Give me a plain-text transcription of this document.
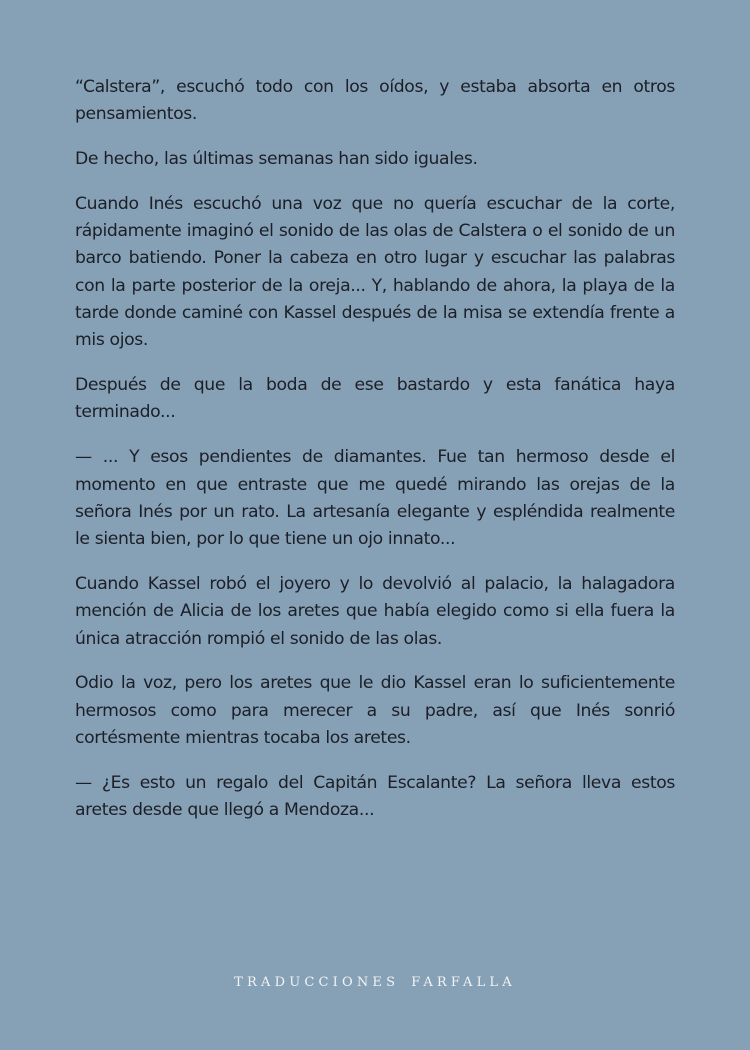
“Calstera”, escuchó todo con los oídos, y estaba absorta en otros pensamientos.

De hecho, las últimas semanas han sido iguales.

Cuando Inés escuchó una voz que no quería escuchar de la corte, rápidamente imaginó el sonido de las olas de Calstera o el sonido de un barco batiendo. Poner la cabeza en otro lugar y escuchar las palabras con la parte posterior de la oreja... Y, hablando de ahora, la playa de la tarde donde caminé con Kassel después de la misa se extendía frente a mis ojos.

Después de que la boda de ese bastardo y esta fanática haya terminado...

— ... Y esos pendientes de diamantes. Fue tan hermoso desde el momento en que entraste que me quedé mirando las orejas de la señora Inés por un rato. La artesanía elegante y espléndida realmente le sienta bien, por lo que tiene un ojo innato...

Cuando Kassel robó el joyero y lo devolvió al palacio, la halagadora mención de Alicia de los aretes que había elegido como si ella fuera la única atracción rompió el sonido de las olas.

Odio la voz, pero los aretes que le dio Kassel eran lo suficientemente hermosos como para merecer a su padre, así que Inés sonrió cortésmente mientras tocaba los aretes.

— ¿Es esto un regalo del Capitán Escalante? La señora lleva estos aretes desde que llegó a Mendoza...

TRADUCCIONES FARFALLA
